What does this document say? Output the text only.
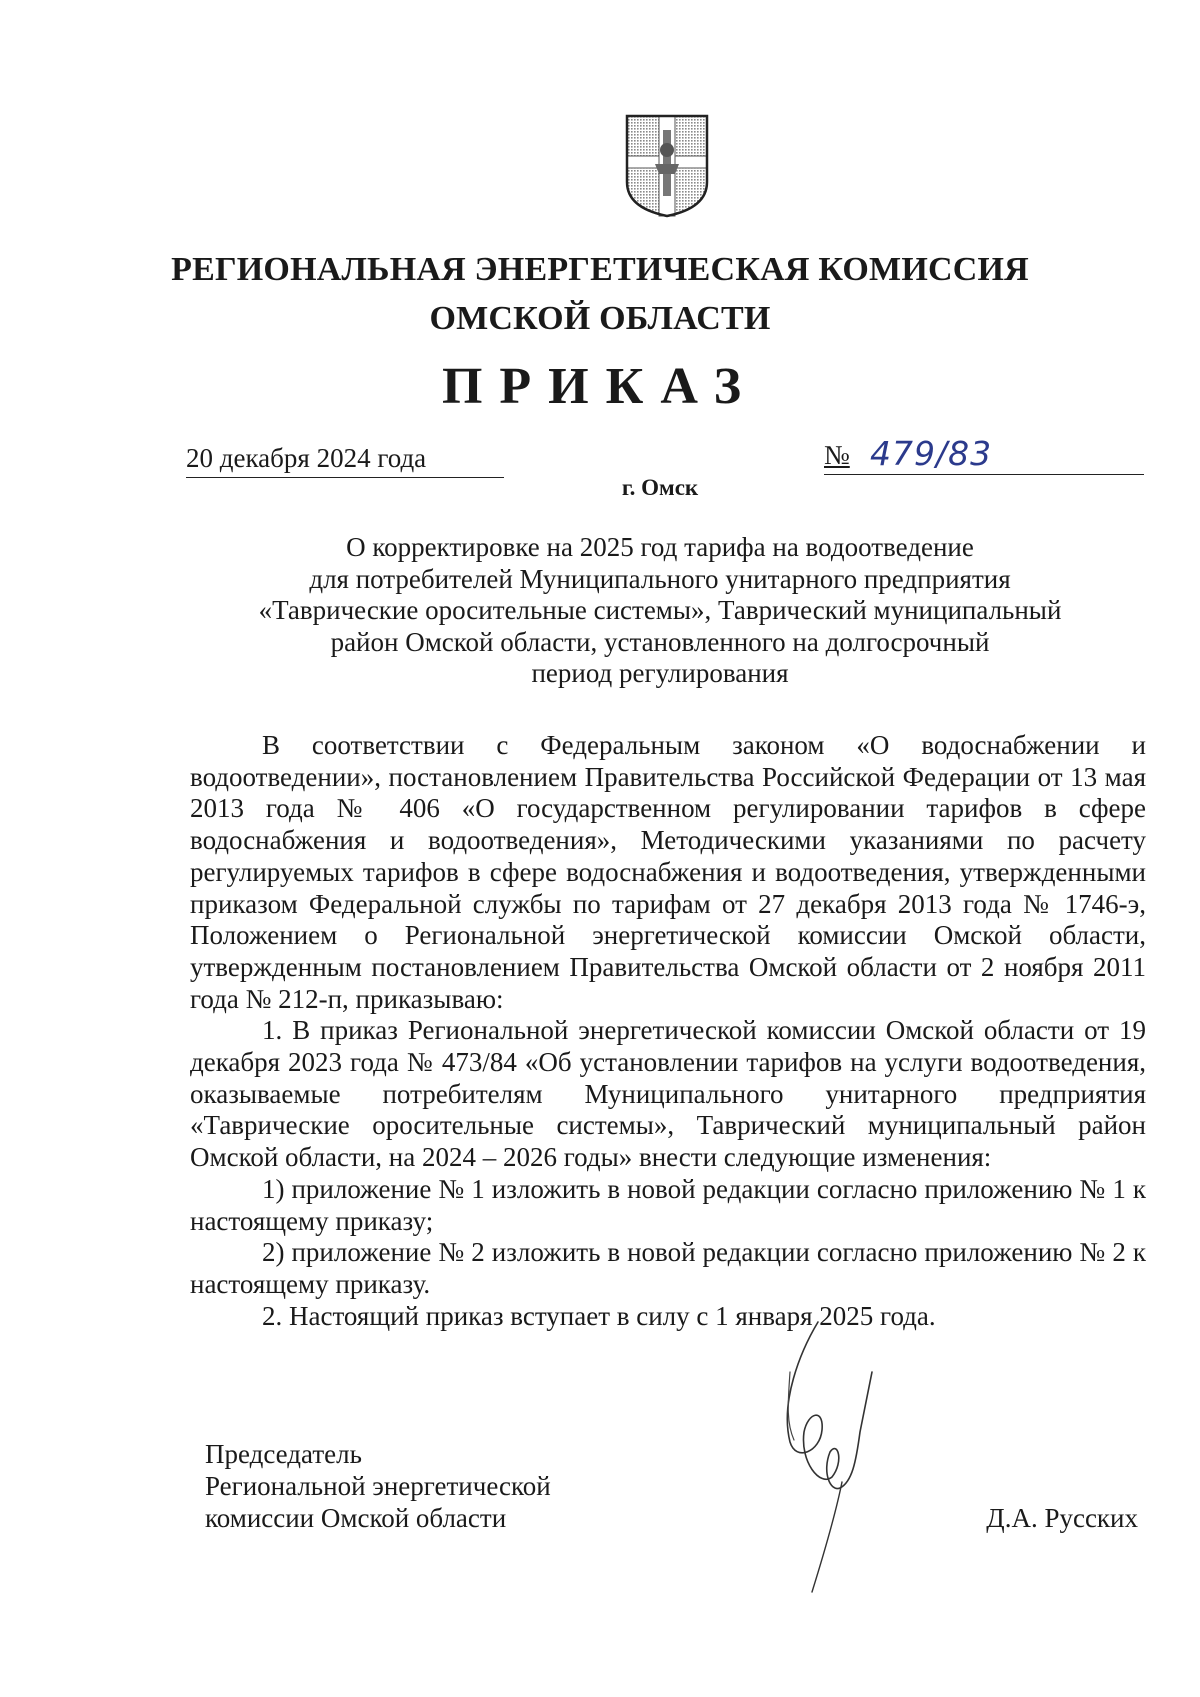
РЕГИОНАЛЬНАЯ ЭНЕРГЕТИЧЕСКАЯ КОМИССИЯ
ОМСКОЙ ОБЛАСТИ
ПРИКАЗ
20 декабря 2024 года	№ 479/83
г. Омск
О корректировке на 2025 год тарифа на водоотведение
для потребителей Муниципального унитарного предприятия
«Таврические оросительные системы», Таврический муниципальный
район Омской области, установленного на долгосрочный
период регулирования

В соответствии с Федеральным законом «О водоснабжении и водоотведении», постановлением Правительства Российской Федерации от 13 мая 2013 года № 406 «О государственном регулировании тарифов в сфере водоснабжения и водоотведения», Методическими указаниями по расчету регулируемых тарифов в сфере водоснабжения и водоотведения, утвержденными приказом Федеральной службы по тарифам от 27 декабря 2013 года № 1746-э, Положением о Региональной энергетической комиссии Омской области, утвержденным постановлением Правительства Омской области от 2 ноября 2011 года № 212-п, приказываю:

1. В приказ Региональной энергетической комиссии Омской области от 19 декабря 2023 года № 473/84 «Об установлении тарифов на услуги водоотведения, оказываемые потребителям Муниципального унитарного предприятия «Таврические оросительные системы», Таврический муниципальный район Омской области, на 2024 – 2026 годы» внести следующие изменения:

1) приложение № 1 изложить в новой редакции согласно приложению № 1 к настоящему приказу;

2) приложение № 2 изложить в новой редакции согласно приложению № 2 к настоящему приказу.

2. Настоящий приказ вступает в силу с 1 января 2025 года.

Председатель
Региональной энергетической
комиссии Омской области	Д.А. Русских
